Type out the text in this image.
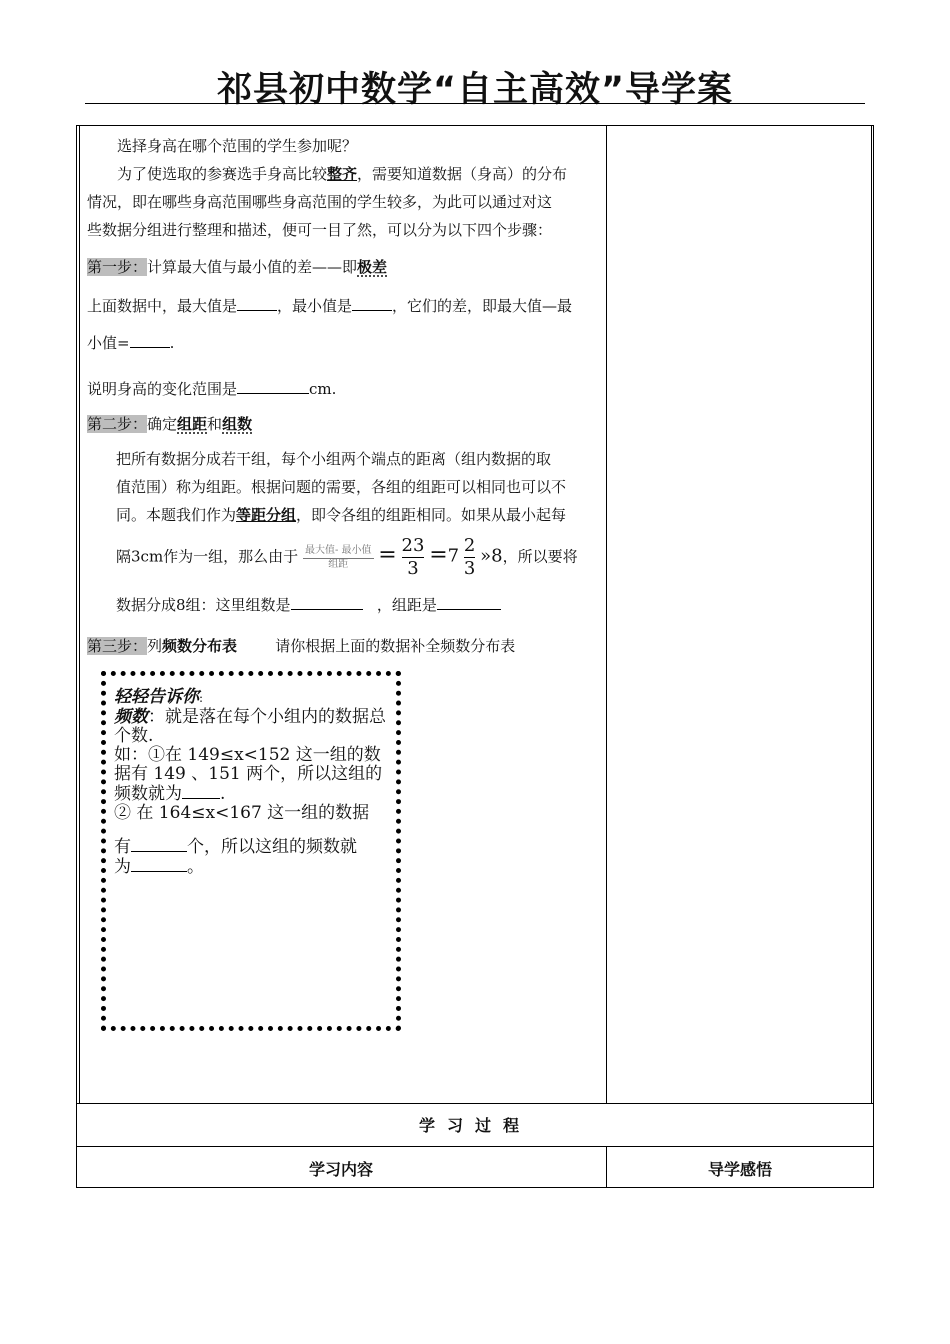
祁县初中数学“自主高效”导学案
选择身高在哪个范围的学生参加呢？
为了使选取的参赛选手身高比较整齐，需要知道数据（身高）的分布
情况，即在哪些身高范围哪些身高范围的学生较多，为此可以通过对这
些数据分组进行整理和描述，便可一目了然，可以分为以下四个步骤：
第一步：计算最大值与最小值的差——即极差
上面数据中，最大值是	，最小值是	，它们的差，即最大值—最
小值=	.
说明身高的变化范围是	cm.
第二步：确定组距和组数
把所有数据分成若干组，每个小组两个端点的距离（组内数据的取
值范围）称为组距。根据问题的需要，各组的组距可以相同也可以不
同。本题我们作为等距分组，即令各组的组距相同。如果从最小起每
隔3cm作为一组，那么由于 $\frac{\text{最大值- 最小值}}{\text{组距}} = \frac{23}{3} =7 \frac{2}{3}$ »8，所以要将
数据分成8组：这里组数是	，组距是
第三步：列频数分布表	请你根据上面的数据补全频数分布表
轻轻告诉你:
频数：就是落在每个小组内的数据总个数.
如：①在 149≤x<152 这一组的数据有 149 、151 两个，所以这组的频数就为 .
② 在 164≤x<167 这一组的数据
有	个，所以这组的频数就
为	。
学习过程
学习内容	导学感悟
